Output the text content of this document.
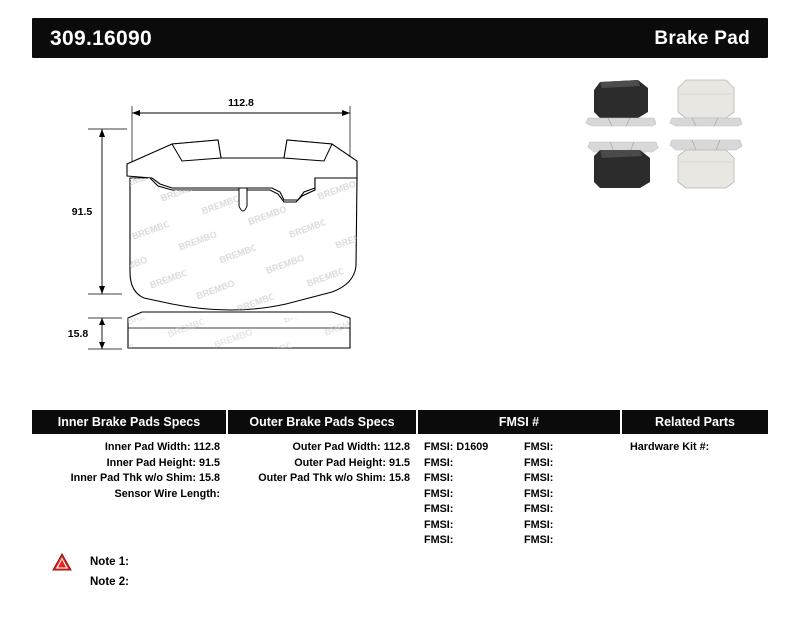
309.16090	Brake Pad
112.8
91.5
15.8
Inner Brake Pads Specs	Outer Brake Pads Specs	FMSI #	Related Parts
Inner Pad Width: 112.8
Inner Pad Height: 91.5
Inner Pad Thk w/o Shim: 15.8
Sensor Wire Length:
Outer Pad Width: 112.8
Outer Pad Height: 91.5
Outer Pad Thk w/o Shim: 15.8
FMSI: D1609	FMSI:
FMSI:	FMSI:
FMSI:	FMSI:
FMSI:	FMSI:
FMSI:	FMSI:
FMSI:	FMSI:
FMSI:	FMSI:
Hardware Kit #:
Note 1:
Note 2:
